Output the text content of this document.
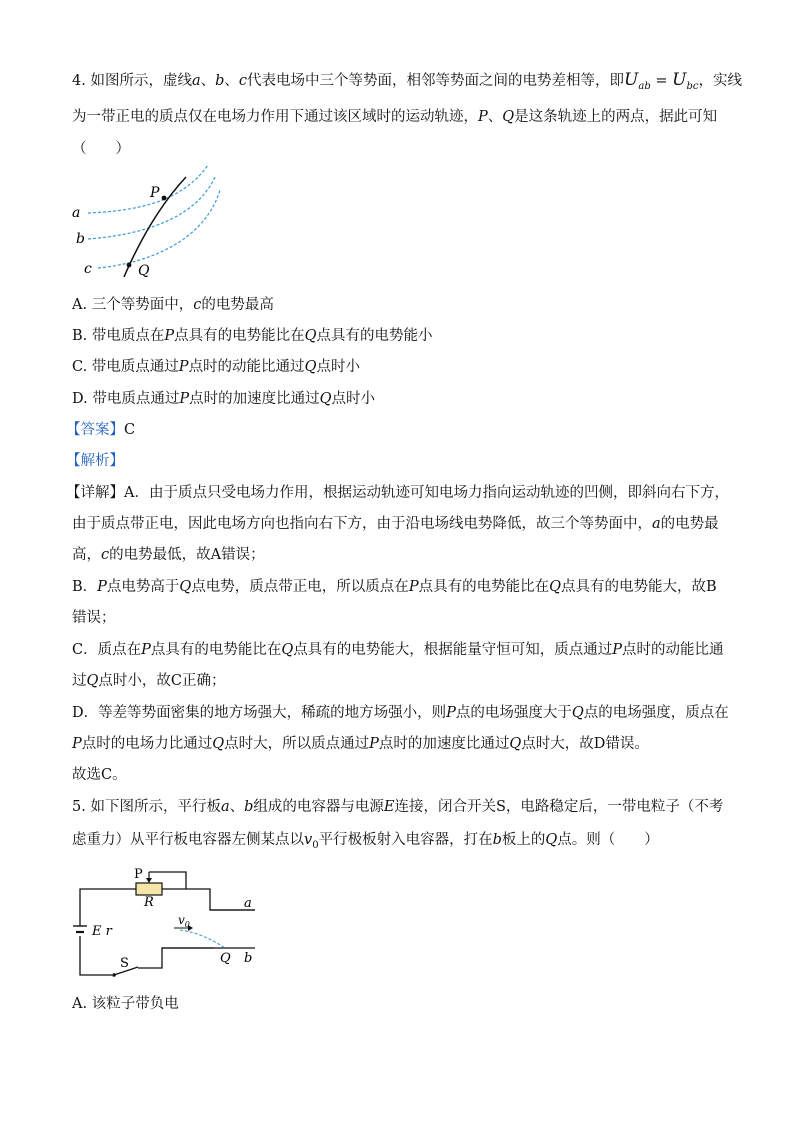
4. 如图所示，虚线a、b、c代表电场中三个等势面，相邻等势面之间的电势差相等，即$U_{ab} = U_{bc}$，实线
为一带正电的质点仅在电场力作用下通过该区域时的运动轨迹，P、Q是这条轨迹上的两点，据此可知
（　　）
P
Q
a
b
c
A. 三个等势面中，c的电势最高
B. 带电质点在P点具有的电势能比在Q点具有的电势能小
C. 带电质点通过P点时的动能比通过Q点时小
D. 带电质点通过P点时的加速度比通过Q点时小
【答案】C
【解析】
【详解】A．由于质点只受电场力作用，根据运动轨迹可知电场力指向运动轨迹的凹侧，即斜向右下方，
由于质点带正电，因此电场方向也指向右下方，由于沿电场线电势降低，故三个等势面中，a的电势最
高，c的电势最低，故A错误；
B．P点电势高于Q点电势，质点带正电，所以质点在P点具有的电势能比在Q点具有的电势能大，故B
错误；
C．质点在P点具有的电势能比在Q点具有的电势能大，根据能量守恒可知，质点通过P点时的动能比通
过Q点时小，故C正确；
D．等差等势面密集的地方场强大，稀疏的地方场强小，则P点的电场强度大于Q点的电场强度，质点在
P点时的电场力比通过Q点时大，所以质点通过P点时的加速度比通过Q点时大，故D错误。
故选C。
5. 如下图所示，平行板a、b组成的电容器与电源E连接，闭合开关S，电路稳定后，一带电粒子（不考
虑重力）从平行板电容器左侧某点以$v_0$平行极板射入电容器，打在b板上的Q点。则（　　）
P
R
E r
S
a
b
Q
$v_0$
A. 该粒子带负电
